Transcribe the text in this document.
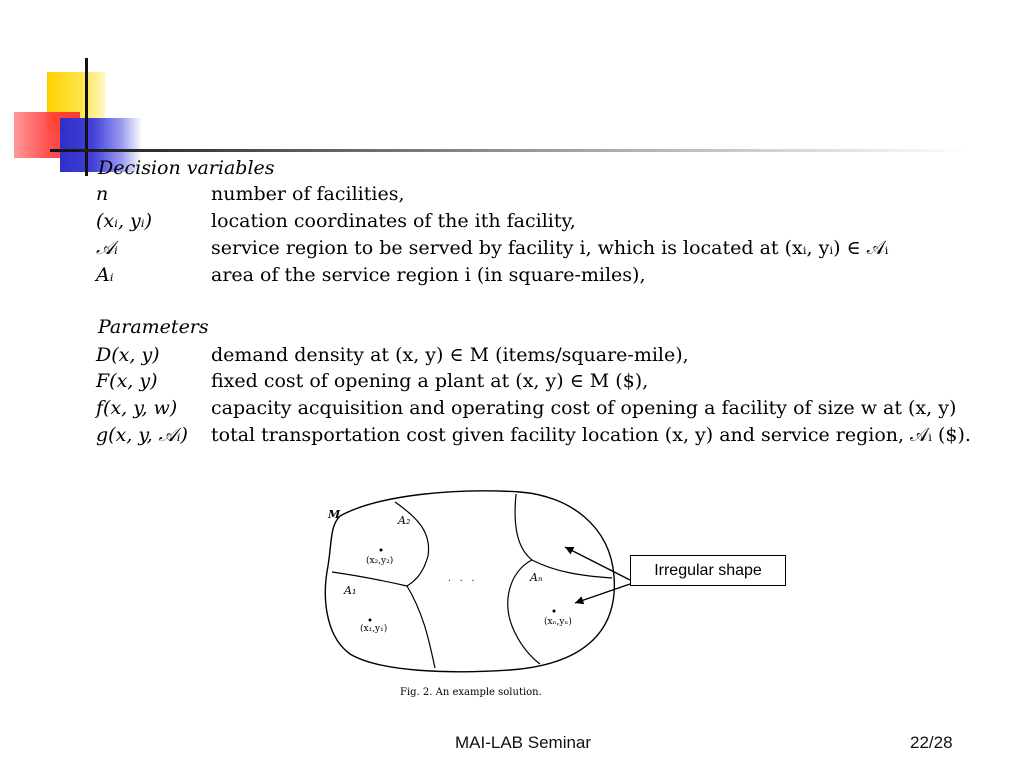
Decision variables
n	number of facilities,
(xᵢ, yᵢ)	location coordinates of the ith facility,
𝒜ᵢ	service region to be served by facility i, which is located at (xᵢ, yᵢ) ∈ 𝒜ᵢ
Aᵢ	area of the service region i (in square-miles),
Parameters
D(x, y)	demand density at (x, y) ∈ M (items/square-mile),
F(x, y)	fixed cost of opening a plant at (x, y) ∈ M ($),
f(x, y, w) capacity acquisition and operating cost of opening a facility of size w at (x, y)
g(x, y, 𝒜ᵢ) total transportation cost given facility location (x, y) and service region, 𝒜ᵢ ($).
M	A₂
A₁
Aₙ
(x₂,y₂)
(x₁,y₁)
(xₙ,yₙ)
. . .
Fig. 2. An example solution.
Irregular shape
MAI-LAB Seminar	22/28
